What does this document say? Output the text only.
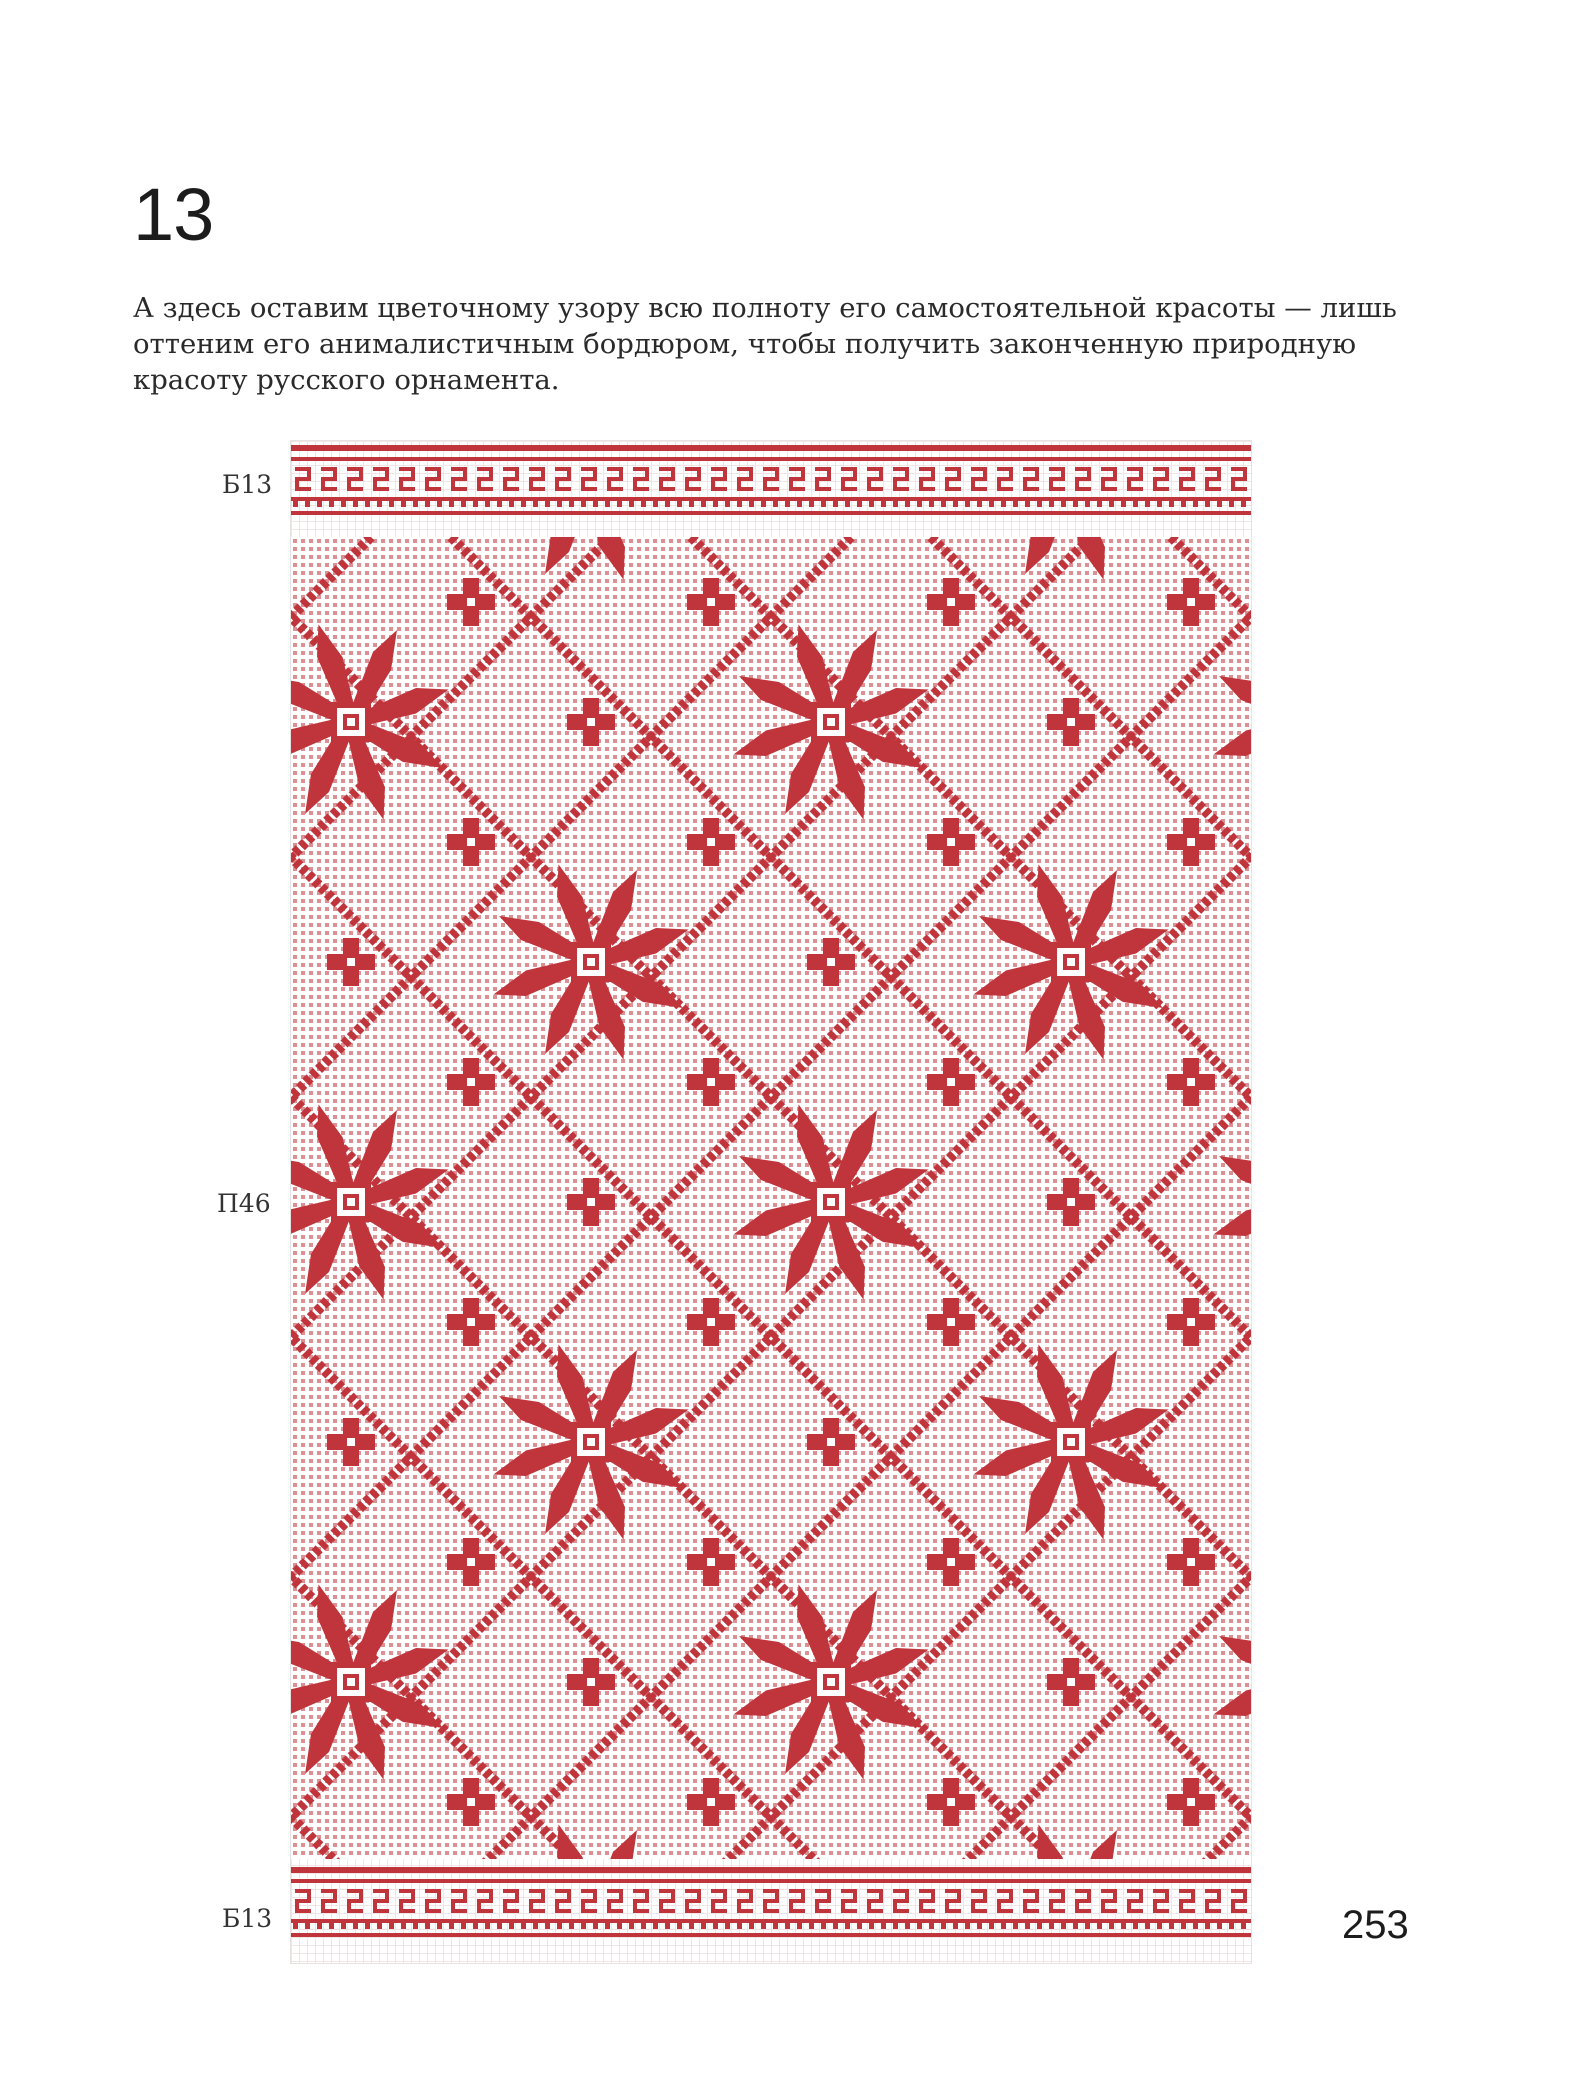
13

А здесь оставим цветочному узору всю полноту его самостоятельной красоты — лишь оттеним его анималистичным бордюром, чтобы получить законченную природную красоту русского орнамента.

Б13
П46
Б13	253
